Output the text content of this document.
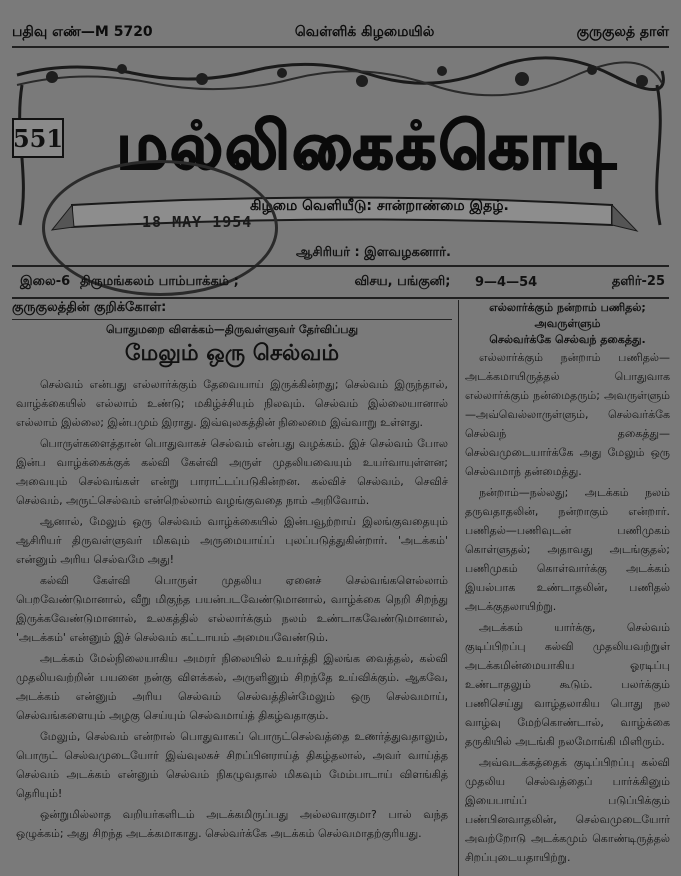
பதிவு எண்—M 5720	வெள்ளிக் கிழமையில்	குருகுலத் தாள்
551 மல்லிகைக்கொடி
கிழமை வெளியீடு: சான்றாண்மை இதழ்.
18 MAY 1954
ஆசிரியர் : இளவழகனார்.
இலை-6 திருமங்கலம் பாம்பாக்கம் ;	விசய, பங்குனி;	9—4—54	தளிர்-25
குருகுலத்தின் குறிக்கோள்:
பொதுமறை விளக்கம்—திருவள்ளுவர் தேர்விப்பது
மேலும் ஒரு செல்வம்

செல்வம் என்பது எல்லார்க்கும் தேவையாய் இருக்கின்றது; செல்வம் இருந்தால், வாழ்க்கையில் எல்லாம் உண்டு; மகிழ்ச்சியும் நிலவும். செல்வம் இல்லையானால் எல்லாம் இல்லை; இன்பமும் இராது. இவ்வுலகத்தின் நிலைமை இவ்வாறு உள்ளது.

பொருள்களைத்தான் பொதுவாகச் செல்வம் என்பது வழக்கம். இச் செல்வம் போல இன்ப வாழ்க்கைக்குக் கல்வி கேள்வி அருள் முதலியவையும் உயர்வாயுள்ளன; அவையும் செல்வங்கள் என்று பாராட்டப்படுகின்றன. கல்விச் செல்வம், செவிச் செல்வம், அருட்செல்வம் என்றெல்லாம் வழங்குவதை நாம் அறிவோம்.

ஆனால், மேலும் ஒரு செல்வம் வாழ்க்கையில் இன்பவூற்றாய் இலங்குவதையும் ஆசிரியர் திருவள்ளுவர் மிகவும் அருமையாய்ப் புலப்படுத்துகின்றார். 'அடக்கம்' என்னும் அரிய செல்வமே அது!

கல்வி கேள்வி பொருள் முதலிய ஏனைச் செல்வங்களெல்லாம் பெறவேண்டுமானால், வீறு மிகுந்த பயன்படவேண்டுமானால், வாழ்க்கை நெறி சிறந்து இருக்கவேண்டுமானால், உலகத்தில் எல்லார்க்கும் நலம் உண்டாகவேண்டுமானால், 'அடக்கம்' என்னும் இச் செல்வம் கட்டாயம் அமையவேண்டும்.

அடக்கம் மேல்நிலையாகிய அமரர் நிலையில் உயர்த்தி இலங்க வைத்தல், கல்வி முதலியவற்றின் பயனை நன்கு விளக்கல், அருளினும் சிறந்தே உய்விக்கும். ஆகவே, அடக்கம் என்னும் அரிய செல்வம் செல்வத்தின்மேலும் ஒரு செல்வமாய், செல்வங்களையும் அழகு செய்யும் செல்வமாய்த் திகழ்வதாகும்.

மேலும், செல்வம் என்றால் பொதுவாகப் பொருட்செல்வத்தை உணர்த்துவதாலும், பொருட் செல்வமுடையோர் இவ்வுலகச் சிறப்பினராய்த் திகழ்தலால், அவர் வாய்த்த செல்வம் அடக்கம் என்னும் செல்வம் நிகழுவதால் மிகவும் மேம்பாடாய் விளங்கித் தெரியும்!

ஒன்றுமில்லாத வறியர்களிடம் அடக்கமிருப்பது அல்லவாகுமா? பால் வந்த ஒழுக்கம்; அது சிறந்த அடக்கமாகாது. செல்வர்க்கே அடக்கம் செல்வமாதற்குரியது.

எல்லார்க்கும் நன்றாம் பணிதல்;
அவருள்ளும்
செல்வர்க்கே செல்வந் தகைத்து.

எல்லார்க்கும் நன்றாம் பணிதல்—அடக்கமாயிருத்தல் பொதுவாக எல்லார்க்கும் நன்மைதரும்; அவருள்ளும்—அவ்வெல்லாருள்ளும், செல்வர்க்கே செல்வந் தகைத்து—செல்வமுடையார்க்கே அது மேலும் ஒரு செல்வமாந் தன்மைத்து.

நன்றாம்—நல்லது; அடக்கம் நலம் தருவதாதலின், நன்றாகும் என்றார். பணிதல்—பணிவுடன் பணிமுகம் கொள்ளுதல்; அதாவது அடங்குதல்; பணிமுகம் கொள்வார்க்கு அடக்கம் இயல்பாக உண்டாதலின், பணிதல் அடக்குதலாயிற்று.

அடக்கம் யார்க்கு, செல்வம் குடிப்பிறப்பு கல்வி முதலியவற்றுள் அடக்கமின்மையாகிய ஓரடிப்பு உண்டாதலும் கூடும். பலர்க்கும் பணிசெய்து வாழ்தலாகிய பொது நல வாழ்வு மேற்கொண்டால், வாழ்க்கை தருகியில் அடங்கி நலமோங்கி மிளிரும்.

அவ்வடக்கத்தைக் குடிப்பிறப்பு கல்வி முதலிய செல்வத்தைப் பார்க்கினும் இயைபாய்ப் படுப்பிக்கும் பண்பினவாதலின், செல்வமுடையோர் அவற்றோடு அடக்கமும் கொண்டிருத்தல் சிறப்புடையதாயிற்று.
